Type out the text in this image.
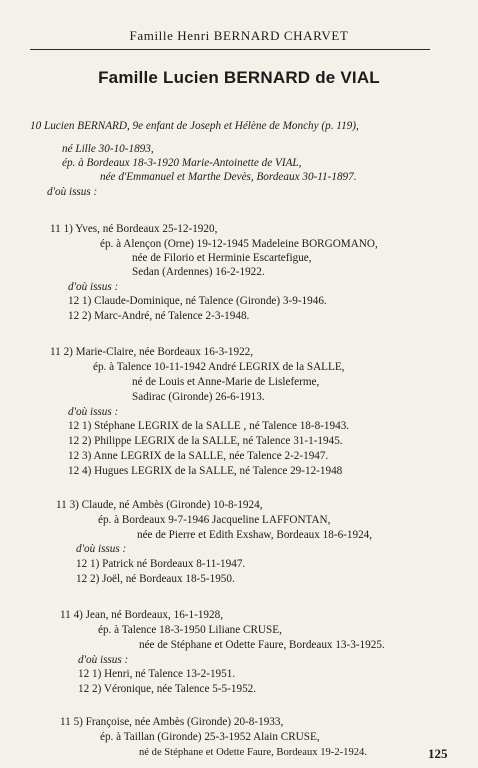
Famille Henri BERNARD CHARVET
Famille Lucien BERNARD de VIAL
10 Lucien BERNARD, 9e enfant de Joseph et Hélène de Monchy (p. 119),
né Lille 30-10-1893,
ép. à Bordeaux 18-3-1920 Marie-Antoinette de VIAL,
née d'Emmanuel et Marthe Devès, Bordeaux 30-11-1897.
d'où issus :
11 1) Yves, né Bordeaux 25-12-1920,
ép. à Alençon (Orne) 19-12-1945 Madeleine BORGOMANO,
née de Filorio et Herminie Escartefigue,
Sedan (Ardennes) 16-2-1922.
d'où issus :
12 1) Claude-Dominique, né Talence (Gironde) 3-9-1946.
12 2) Marc-André, né Talence 2-3-1948.
11 2) Marie-Claire, née Bordeaux 16-3-1922,
ép. à Talence 10-11-1942 André LEGRIX de la SALLE,
né de Louis et Anne-Marie de Lisleferme,
Sadirac (Gironde) 26-6-1913.
d'où issus :
12 1) Stéphane LEGRIX de la SALLE , né Talence 18-8-1943.
12 2) Philippe LEGRIX de la SALLE, né Talence 31-1-1945.
12 3) Anne LEGRIX de la SALLE, née Talence 2-2-1947.
12 4) Hugues LEGRIX de la SALLE, né Talence 29-12-1948
11 3) Claude, né Ambès (Gironde) 10-8-1924,
ép. à Bordeaux 9-7-1946 Jacqueline LAFFONTAN,
née de Pierre et Edith Exshaw, Bordeaux 18-6-1924,
d'où issus :
12 1) Patrick né Bordeaux 8-11-1947.
12 2) Joël, né Bordeaux 18-5-1950.
11 4) Jean, né Bordeaux, 16-1-1928,
ép. à Talence 18-3-1950 Liliane CRUSE,
née de Stéphane et Odette Faure, Bordeaux 13-3-1925.
d'où issus :
12 1) Henri, né Talence 13-2-1951.
12 2) Véronique, née Talence 5-5-1952.
11 5) Françoise, née Ambès (Gironde) 20-8-1933,
ép. à Taillan (Gironde) 25-3-1952 Alain CRUSE,
né de Stéphane et Odette Faure, Bordeaux 19-2-1924.	125
